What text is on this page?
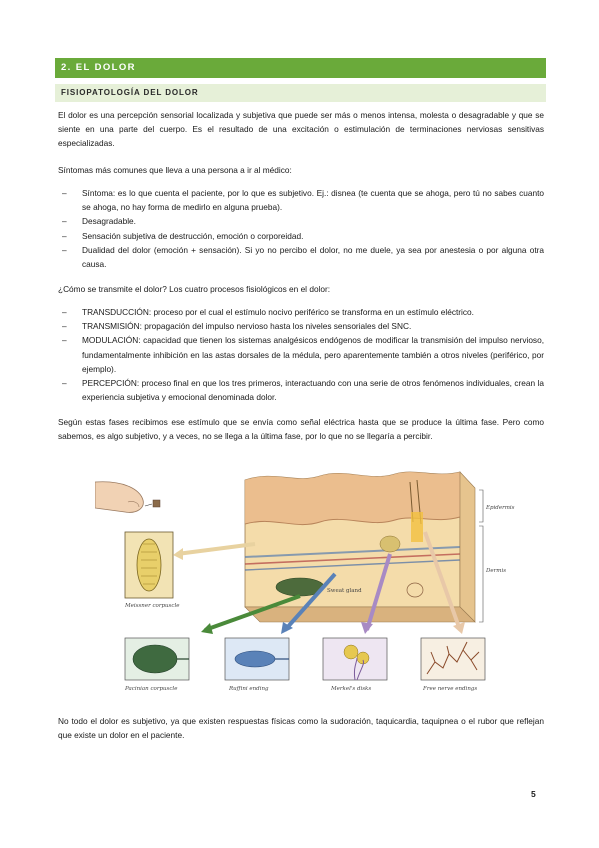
2. EL DOLOR
FISIOPATOLOGÍA DEL DOLOR

El dolor es una percepción sensorial localizada y subjetiva que puede ser más o menos intensa, molesta o desagradable y que se siente en una parte del cuerpo. Es el resultado de una excitación o estimulación de terminaciones nerviosas sensitivas especializadas.

Síntomas más comunes que lleva a una persona a ir al médico:

– Síntoma: es lo que cuenta el paciente, por lo que es subjetivo. Ej.: disnea (te cuenta que se ahoga, pero tú no sabes cuanto se ahoga, no hay forma de medirlo en alguna prueba).
– Desagradable.
– Sensación subjetiva de destrucción, emoción o corporeidad.
– Dualidad del dolor (emoción + sensación). Si yo no percibo el dolor, no me duele, ya sea por anestesia o por alguna otra causa.

¿Cómo se transmite el dolor? Los cuatro procesos fisiológicos en el dolor:

– TRANSDUCCIÓN: proceso por el cual el estímulo nocivo periférico se transforma en un estímulo eléctrico.
– TRANSMISIÓN: propagación del impulso nervioso hasta los niveles sensoriales del SNC.
– MODULACIÓN: capacidad que tienen los sistemas analgésicos endógenos de modificar la transmisión del impulso nervioso, fundamentalmente inhibición en las astas dorsales de la médula, pero aparentemente también a otros niveles (periférico, por ejemplo).
– PERCEPCIÓN: proceso final en que los tres primeros, interactuando con una serie de otros fenómenos individuales, crean la experiencia subjetiva y emocional denominada dolor.

Según estas fases recibimos ese estímulo que se envía como señal eléctrica hasta que se produce la última fase. Pero como sabemos, es algo subjetivo, y a veces, no se llega a la última fase, por lo que no se llegaría a percibir.

Epidermis
Dermis
Sweat gland
Meissner corpuscle
Pacinian corpuscle	Ruffini ending	Merkel's disks	Free nerve endings

No todo el dolor es subjetivo, ya que existen respuestas físicas como la sudoración, taquicardia, taquipnea o el rubor que reflejan que existe un dolor en el paciente.

5
